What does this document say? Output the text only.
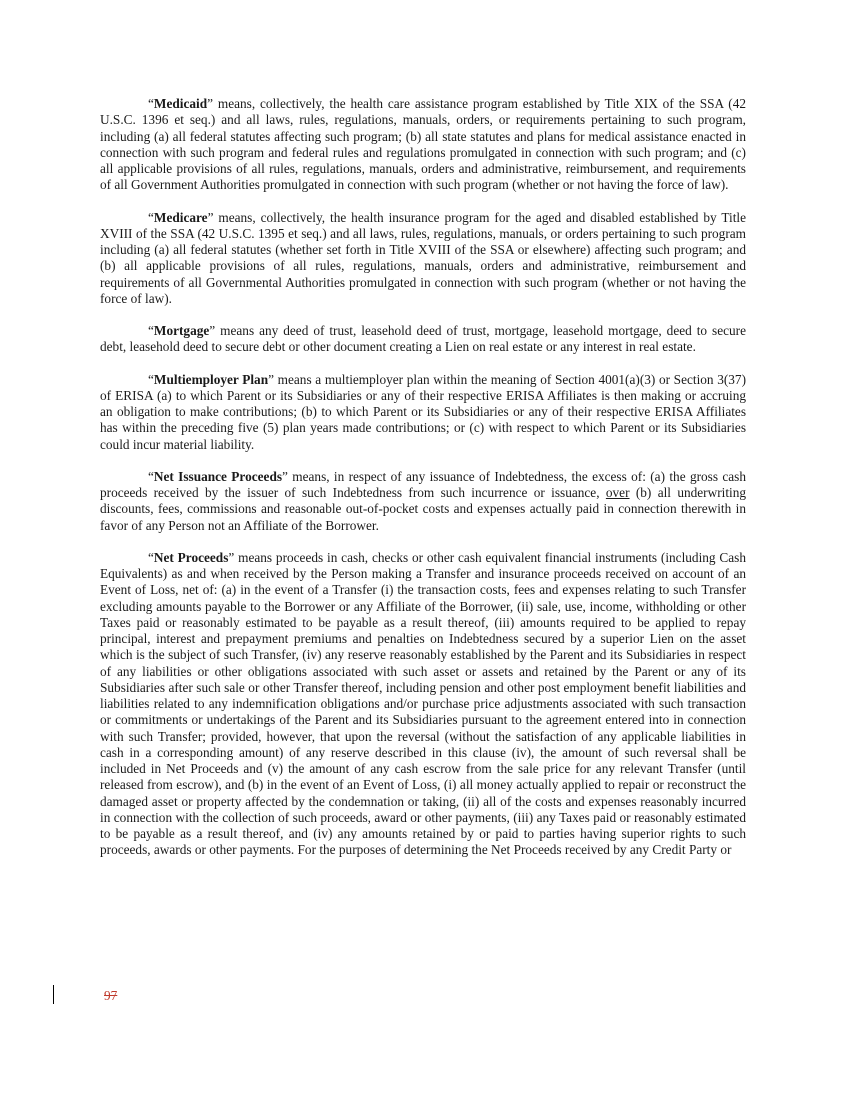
“Medicaid” means, collectively, the health care assistance program established by Title XIX of the SSA (42 U.S.C. 1396 et seq.) and all laws, rules, regulations, manuals, orders, or requirements pertaining to such program, including (a) all federal statutes affecting such program; (b) all state statutes and plans for medical assistance enacted in connection with such program and federal rules and regulations promulgated in connection with such program; and (c) all applicable provisions of all rules, regulations, manuals, orders and administrative, reimbursement, and requirements of all Government Authorities promulgated in connection with such program (whether or not having the force of law).

“Medicare” means, collectively, the health insurance program for the aged and disabled established by Title XVIII of the SSA (42 U.S.C. 1395 et seq.) and all laws, rules, regulations, manuals, or orders pertaining to such program including (a) all federal statutes (whether set forth in Title XVIII of the SSA or elsewhere) affecting such program; and (b) all applicable provisions of all rules, regulations, manuals, orders and administrative, reimbursement and requirements of all Governmental Authorities promulgated in connection with such program (whether or not having the force of law).

“Mortgage” means any deed of trust, leasehold deed of trust, mortgage, leasehold mortgage, deed to secure debt, leasehold deed to secure debt or other document creating a Lien on real estate or any interest in real estate.

“Multiemployer Plan” means a multiemployer plan within the meaning of Section 4001(a)(3) or Section 3(37) of ERISA (a) to which Parent or its Subsidiaries or any of their respective ERISA Affiliates is then making or accruing an obligation to make contributions; (b) to which Parent or its Subsidiaries or any of their respective ERISA Affiliates has within the preceding five (5) plan years made contributions; or (c) with respect to which Parent or its Subsidiaries could incur material liability.

“Net Issuance Proceeds” means, in respect of any issuance of Indebtedness, the excess of: (a) the gross cash proceeds received by the issuer of such Indebtedness from such incurrence or issuance, over (b) all underwriting discounts, fees, commissions and reasonable out-of-pocket costs and expenses actually paid in connection therewith in favor of any Person not an Affiliate of the Borrower.

“Net Proceeds” means proceeds in cash, checks or other cash equivalent financial instruments (including Cash Equivalents) as and when received by the Person making a Transfer and insurance proceeds received on account of an Event of Loss, net of: (a) in the event of a Transfer (i) the transaction costs, fees and expenses relating to such Transfer excluding amounts payable to the Borrower or any Affiliate of the Borrower, (ii) sale, use, income, withholding or other Taxes paid or reasonably estimated to be payable as a result thereof, (iii) amounts required to be applied to repay principal, interest and prepayment premiums and penalties on Indebtedness secured by a superior Lien on the asset which is the subject of such Transfer, (iv) any reserve reasonably established by the Parent and its Subsidiaries in respect of any liabilities or other obligations associated with such asset or assets and retained by the Parent or any of its Subsidiaries after such sale or other Transfer thereof, including pension and other post employment benefit liabilities and liabilities related to any indemnification obligations and/or purchase price adjustments associated with such transaction or commitments or undertakings of the Parent and its Subsidiaries pursuant to the agreement entered into in connection with such Transfer; provided, however, that upon the reversal (without the satisfaction of any applicable liabilities in cash in a corresponding amount) of any reserve described in this clause (iv), the amount of such reversal shall be included in Net Proceeds and (v) the amount of any cash escrow from the sale price for any relevant Transfer (until released from escrow), and (b) in the event of an Event of Loss, (i) all money actually applied to repair or reconstruct the damaged asset or property affected by the condemnation or taking, (ii) all of the costs and expenses reasonably incurred in connection with the collection of such proceeds, award or other payments, (iii) any Taxes paid or reasonably estimated to be payable as a result thereof, and (iv) any amounts retained by or paid to parties having superior rights to such proceeds, awards or other payments. For the purposes of determining the Net Proceeds received by any Credit Party or

97
